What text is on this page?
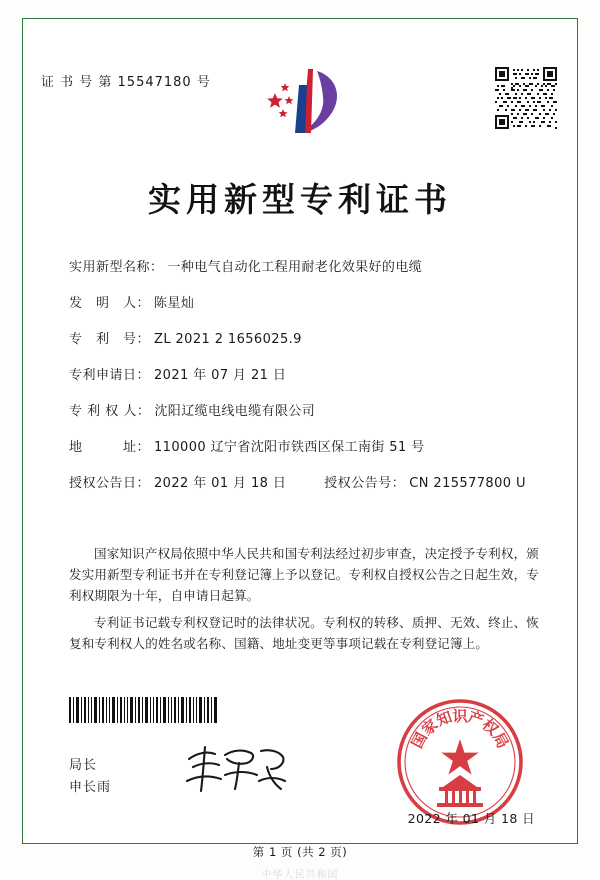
证 书 号 第 15547180 号
实用新型专利证书
实用新型名称： 一种电气自动化工程用耐老化效果好的电缆
发　明　人： 陈星灿
专　利　号： ZL 2021 2 1656025.9
专利申请日： 2021 年 07 月 21 日
专 利 权 人： 沈阳辽缆电线电缆有限公司
地　　　址： 110000 辽宁省沈阳市铁西区保工南街 51 号
授权公告日： 2022 年 01 月 18 日	授权公告号： CN 215577800 U

国家知识产权局依照中华人民共和国专利法经过初步审查，决定授予专利权，颁发实用新型专利证书并在专利登记簿上予以登记。专利权自授权公告之日起生效，专利权期限为十年，自申请日起算。

专利证书记载专利权登记时的法律状况。专利权的转移、质押、无效、终止、恢复和专利权人的姓名或名称、国籍、地址变更等事项记载在专利登记簿上。

局长
申长雨
国
家
知
识
产
权
局
2022 年 01 月 18 日
第 1 页 (共 2 页)
中华人民共和国
